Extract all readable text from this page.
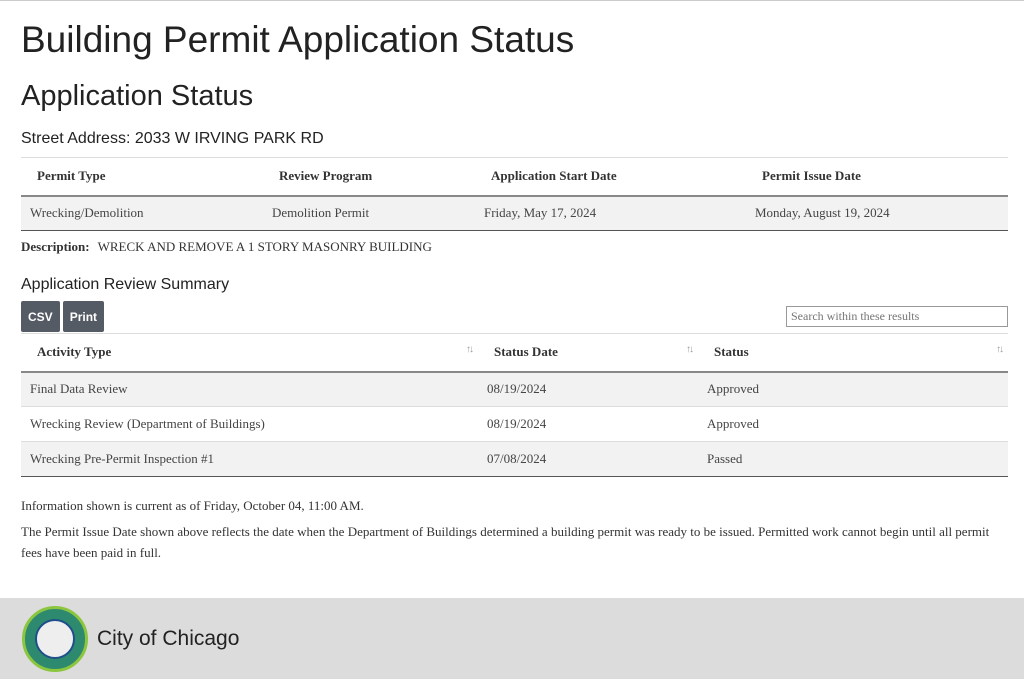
Building Permit Application Status
Application Status
Street Address: 2033 W IRVING PARK RD
Permit Type	Review Program	Application Start Date	Permit Issue Date
Wrecking/Demolition	Demolition Permit	Friday, May 17, 2024	Monday, August 19, 2024
Description: WRECK AND REMOVE A 1 STORY MASONRY BUILDING
Application Review Summary
CSV Print
Search within these results
Activity Type ↑↓	Status Date ↑↓	Status ↑↓

Final Data Review	08/19/2024	Approved
Wrecking Review (Department of Buildings)	08/19/2024	Approved
Wrecking Pre-Permit Inspection #1	07/08/2024	Passed

Information shown is current as of Friday, October 04, 11:00 AM.

The Permit Issue Date shown above reflects the date when the Department of Buildings determined a building permit was ready to be issued. Permitted work cannot begin until all permit fees have been paid in full.

City of Chicago
